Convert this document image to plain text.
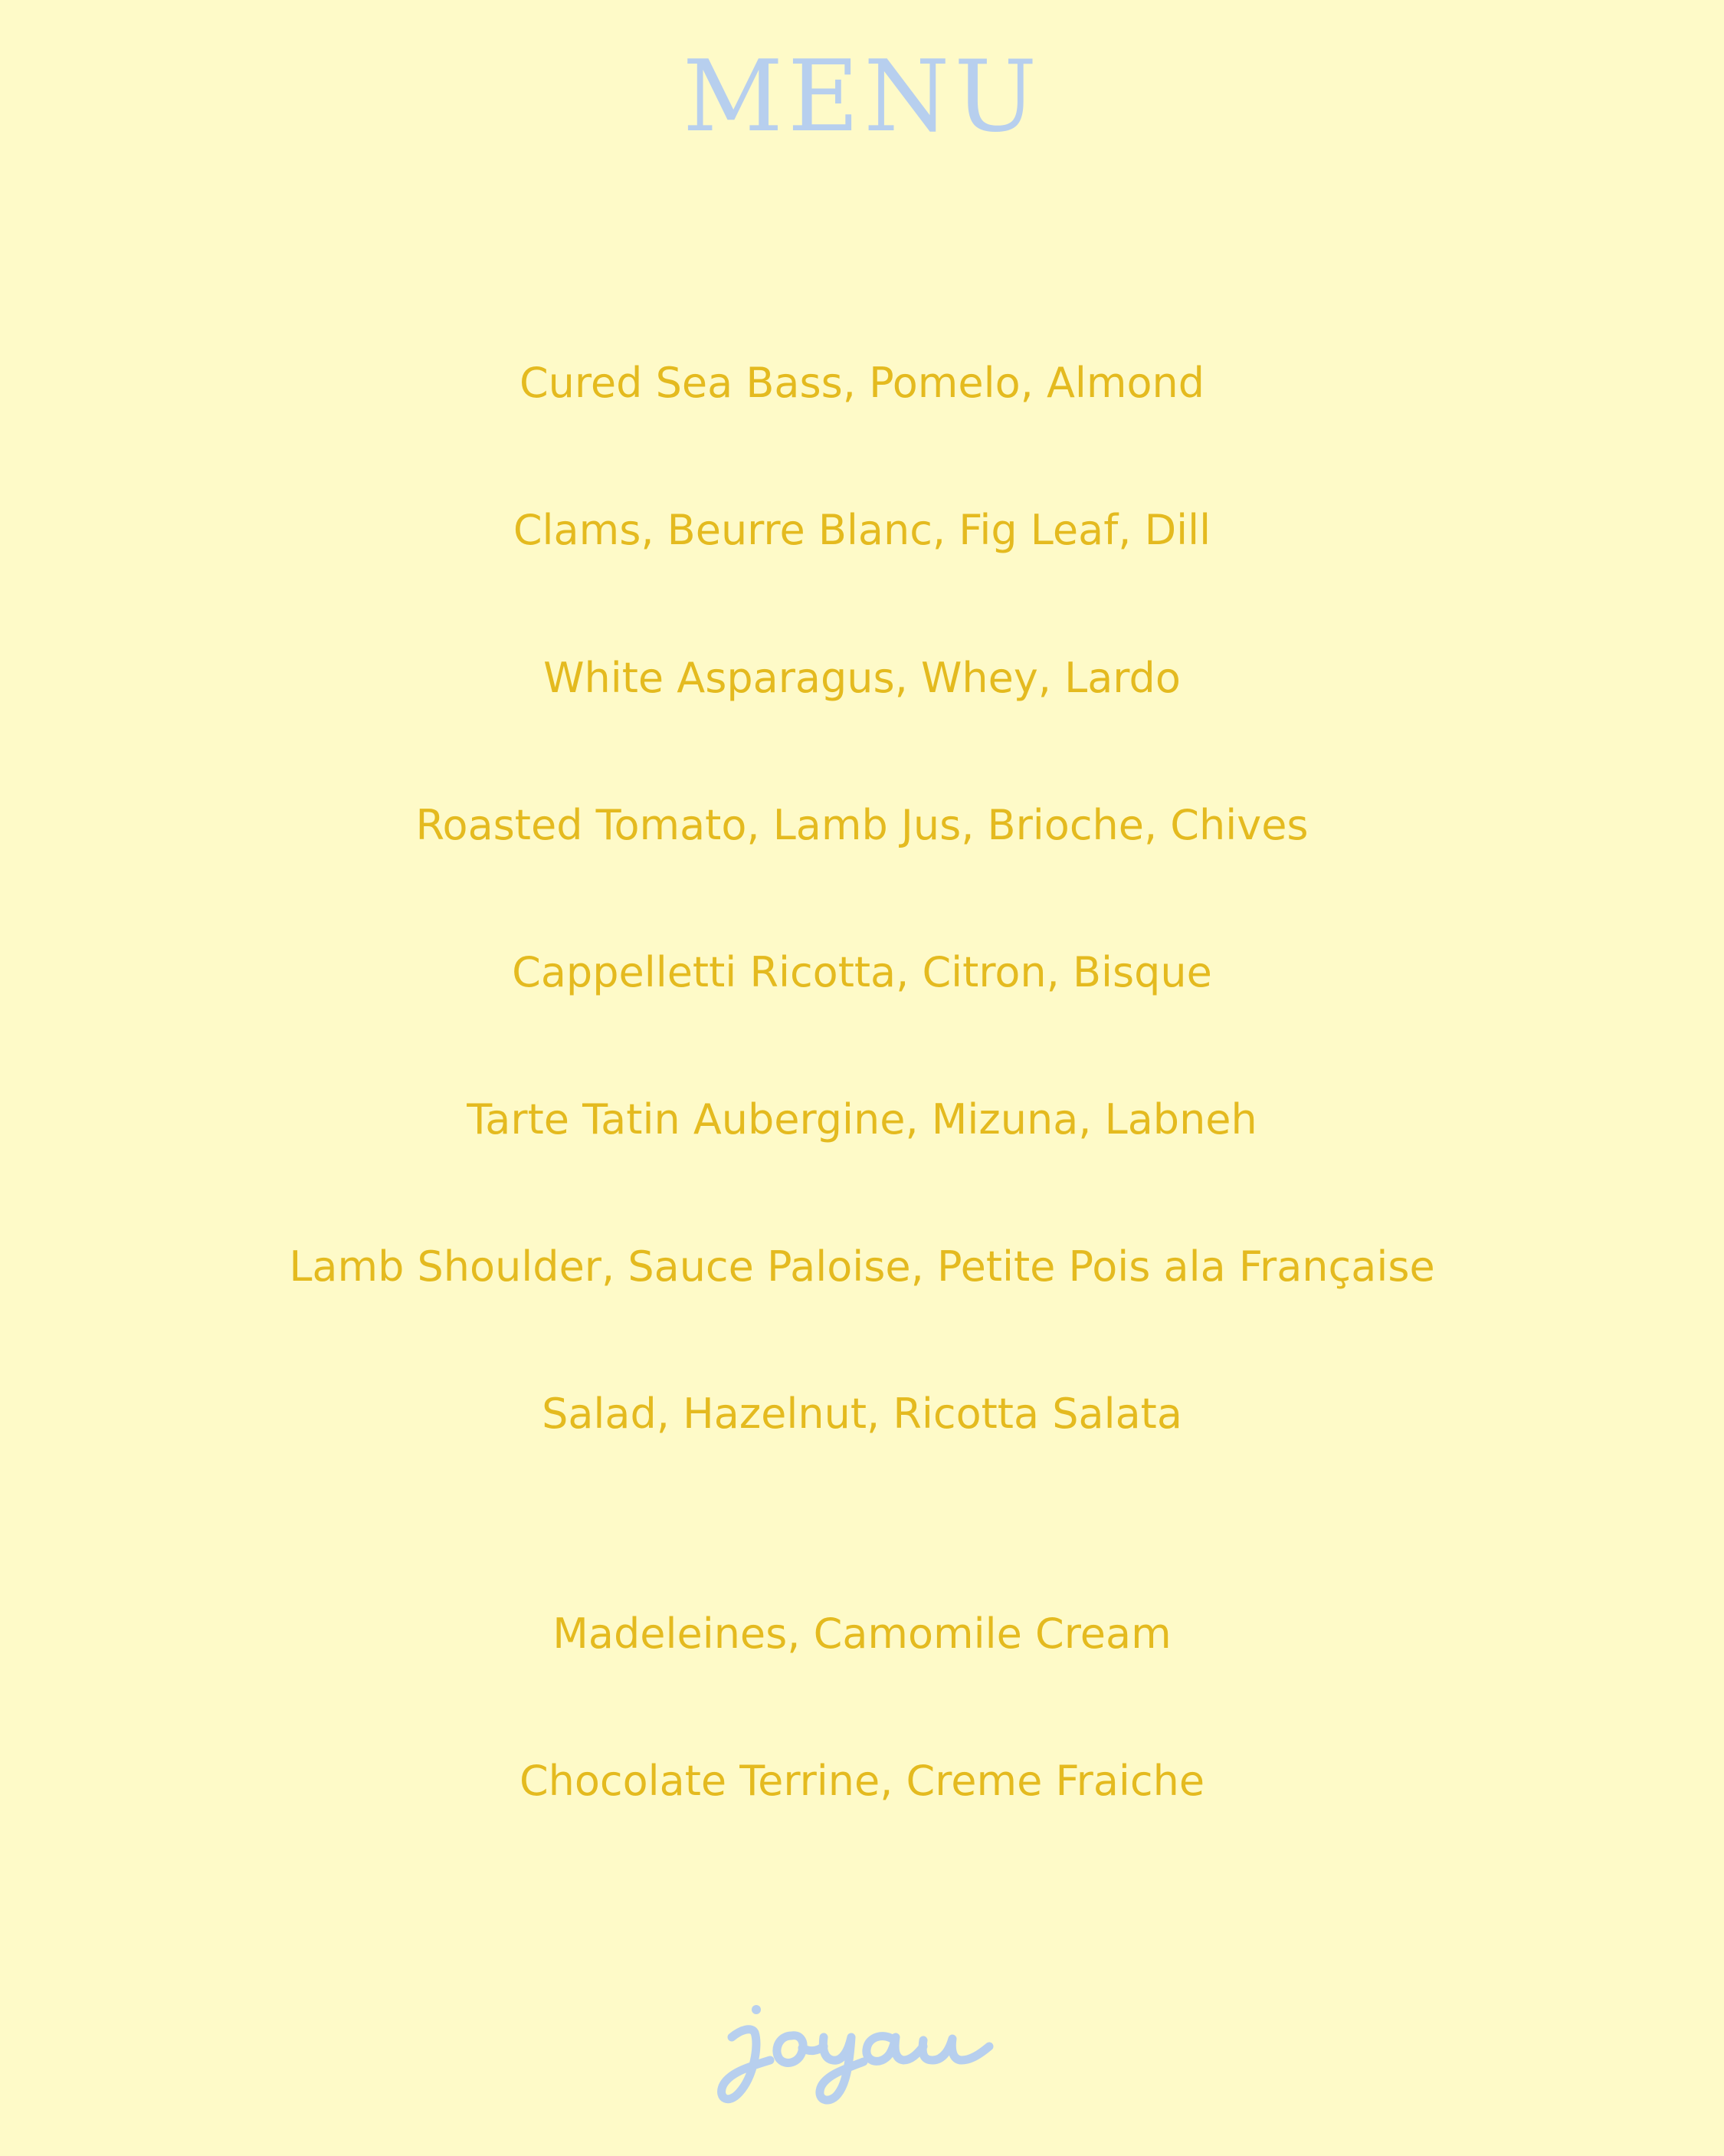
MENU
Cured Sea Bass, Pomelo, Almond
Clams, Beurre Blanc, Fig Leaf, Dill
White Asparagus, Whey, Lardo
Roasted Tomato, Lamb Jus, Brioche, Chives
Cappelletti Ricotta, Citron, Bisque
Tarte Tatin Aubergine, Mizuna, Labneh
Lamb Shoulder, Sauce Paloise, Petite Pois ala Française
Salad, Hazelnut, Ricotta Salata
Madeleines, Camomile Cream
Chocolate Terrine, Creme Fraiche
